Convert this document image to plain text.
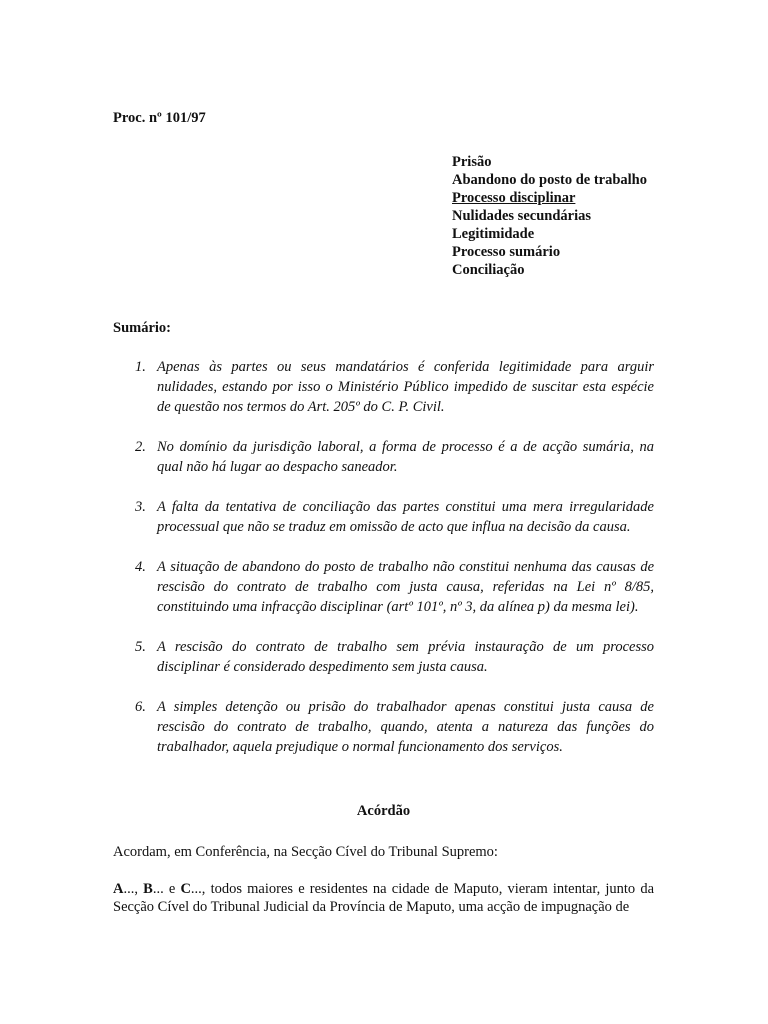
Proc. nº 101/97

Prisão
Abandono do posto de trabalho
Processo disciplinar
Nulidades secundárias
Legitimidade
Processo sumário
Conciliação

Sumário:

1. Apenas às partes ou seus mandatários é conferida legitimidade para arguir nulidades, estando por isso o Ministério Público impedido de suscitar esta espécie de questão nos termos do Art. 205º do C. P. Civil.
2. No domínio da jurisdição laboral, a forma de processo é a de acção sumária, na qual não há lugar ao despacho saneador.
3. A falta da tentativa de conciliação das partes constitui uma mera irregularidade processual que não se traduz em omissão de acto que influa na decisão da causa.
4. A situação de abandono do posto de trabalho não constitui nenhuma das causas de rescisão do contrato de trabalho com justa causa, referidas na Lei nº 8/85, constituindo uma infracção disciplinar (artº 101º, nº 3, da alínea p) da mesma lei).
5. A rescisão do contrato de trabalho sem prévia instauração de um processo disciplinar é considerado despedimento sem justa causa.
6. A simples detenção ou prisão do trabalhador apenas constitui justa causa de rescisão do contrato de trabalho, quando, atenta a natureza das funções do trabalhador, aquela prejudique o normal funcionamento dos serviços.

Acórdão

Acordam, em Conferência, na Secção Cível do Tribunal Supremo:

A..., B... e C..., todos maiores e residentes na cidade de Maputo, vieram intentar, junto da Secção Cível do Tribunal Judicial da Província de Maputo, uma acção de impugnação de
